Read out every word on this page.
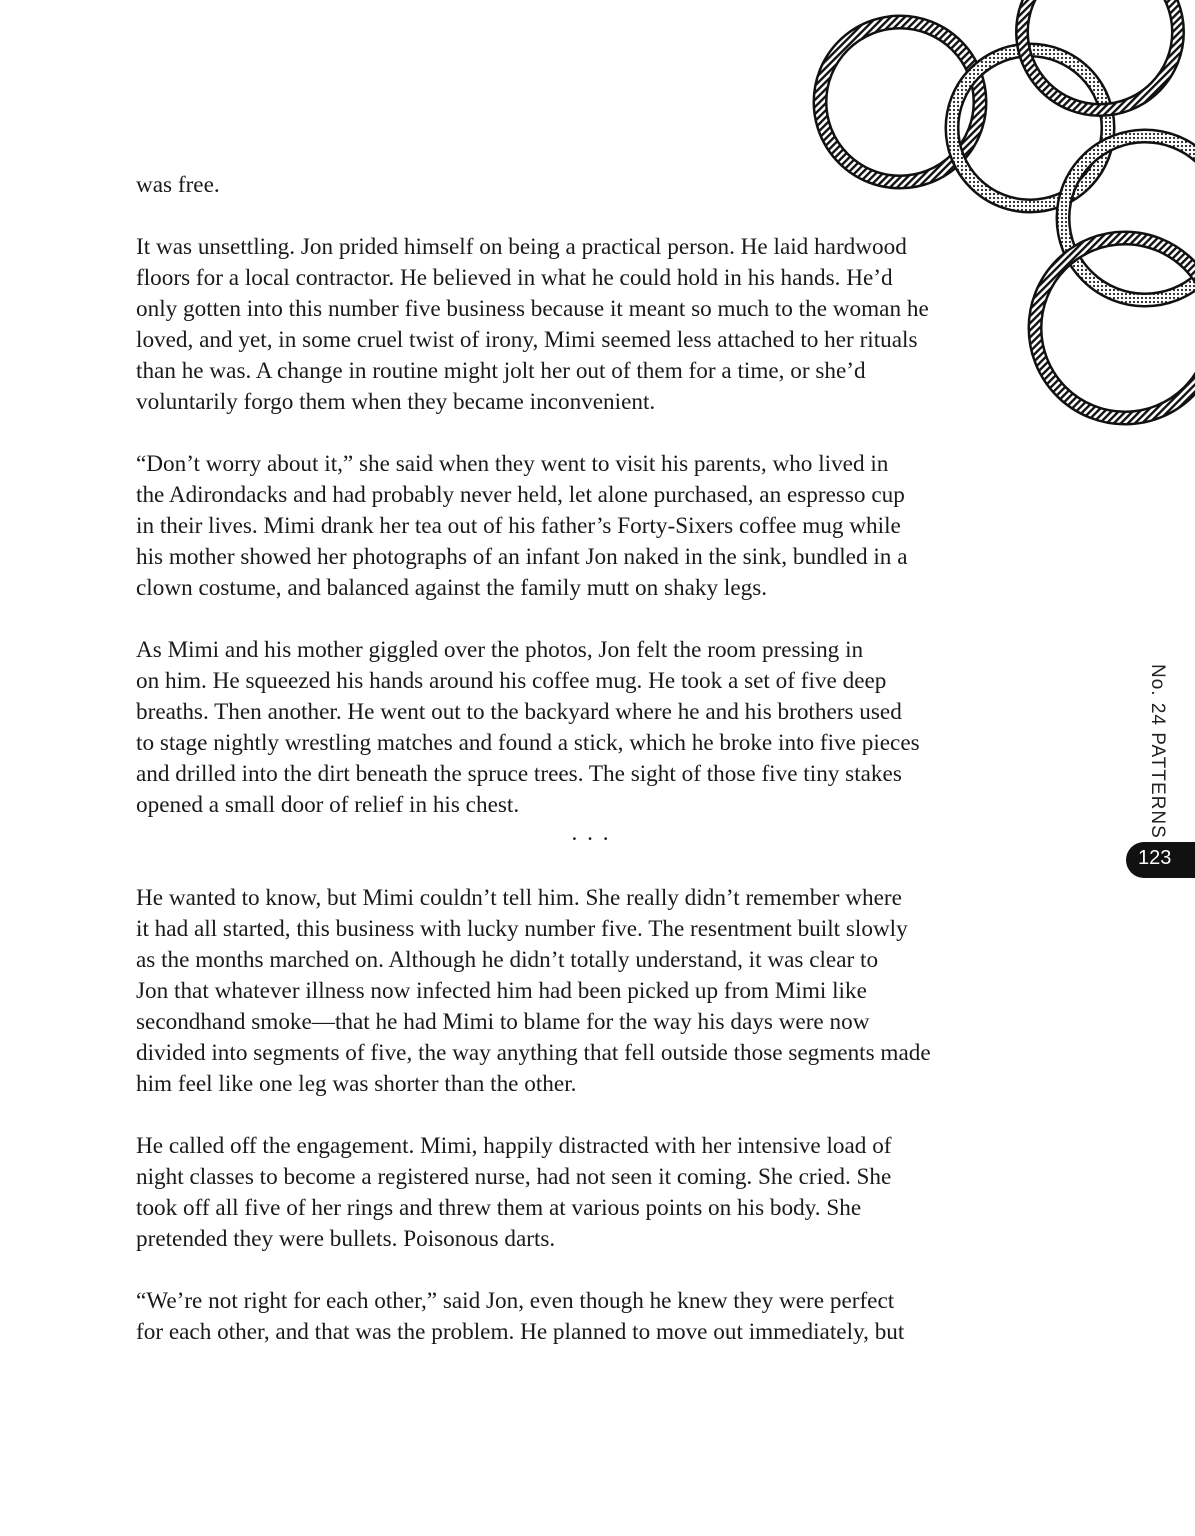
was free.

It was unsettling. Jon prided himself on being a practical person. He laid hardwood
floors for a local contractor. He believed in what he could hold in his hands. He’d
only gotten into this number five business because it meant so much to the woman he
loved, and yet, in some cruel twist of irony, Mimi seemed less attached to her rituals
than he was. A change in routine might jolt her out of them for a time, or she’d
voluntarily forgo them when they became inconvenient.

“Don’t worry about it,” she said when they went to visit his parents, who lived in
the Adirondacks and had probably never held, let alone purchased, an espresso cup
in their lives. Mimi drank her tea out of his father’s Forty-Sixers coffee mug while
his mother showed her photographs of an infant Jon naked in the sink, bundled in a
clown costume, and balanced against the family mutt on shaky legs.

As Mimi and his mother giggled over the photos, Jon felt the room pressing in
on him. He squeezed his hands around his coffee mug. He took a set of five deep
breaths. Then another. He went out to the backyard where he and his brothers used
to stage nightly wrestling matches and found a stick, which he broke into five pieces
and drilled into the dirt beneath the spruce trees. The sight of those five tiny stakes
opened a small door of relief in his chest.

. . .

He wanted to know, but Mimi couldn’t tell him. She really didn’t remember where
it had all started, this business with lucky number five. The resentment built slowly
as the months marched on. Although he didn’t totally understand, it was clear to
Jon that whatever illness now infected him had been picked up from Mimi like
secondhand smoke—that he had Mimi to blame for the way his days were now
divided into segments of five, the way anything that fell outside those segments made
him feel like one leg was shorter than the other.

He called off the engagement. Mimi, happily distracted with her intensive load of
night classes to become a registered nurse, had not seen it coming. She cried. She
took off all five of her rings and threw them at various points on his body. She
pretended they were bullets. Poisonous darts.

“We’re not right for each other,” said Jon, even though he knew they were perfect
for each other, and that was the problem. He planned to move out immediately, but

No. 24 PATTERNS
123
